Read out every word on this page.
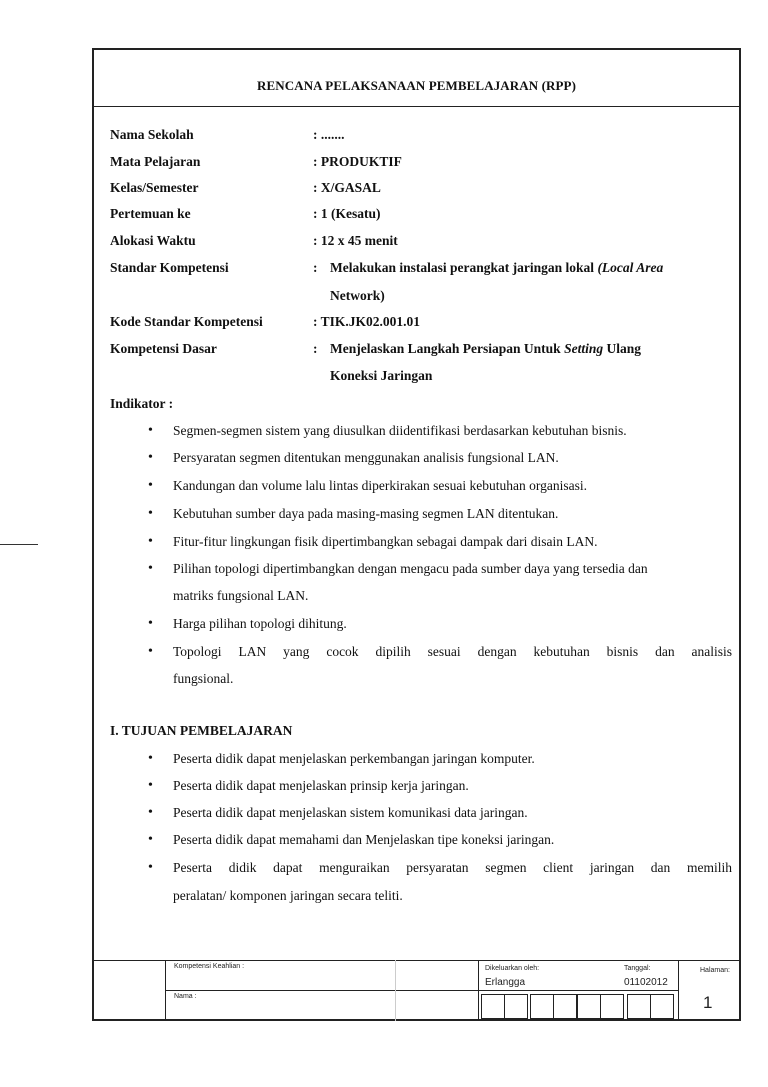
RENCANA PELAKSANAAN PEMBELAJARAN (RPP)
Nama Sekolah	: .......
Mata Pelajaran	: PRODUKTIF
Kelas/Semester	: X/GASAL
Pertemuan ke	: 1 (Kesatu)
Alokasi Waktu	: 12 x 45 menit
Standar Kompetensi	: Melakukan instalasi perangkat jaringan lokal (Local Area
Network)
Kode Standar Kompetensi	: TIK.JK02.001.01
Kompetensi Dasar	: Menjelaskan Langkah Persiapan Untuk Setting Ulang
Koneksi Jaringan
Indikator :
• Segmen-segmen sistem yang diusulkan diidentifikasi berdasarkan kebutuhan bisnis.
• Persyaratan segmen ditentukan menggunakan analisis fungsional LAN.
• Kandungan dan volume lalu lintas diperkirakan sesuai kebutuhan organisasi.
• Kebutuhan sumber daya pada masing-masing segmen LAN ditentukan.
• Fitur-fitur lingkungan fisik dipertimbangkan sebagai dampak dari disain LAN.
• Pilihan topologi dipertimbangkan dengan mengacu pada sumber daya yang tersedia dan
matriks fungsional LAN.
• Harga pilihan topologi dihitung.
• Topologi LAN yang cocok dipilih sesuai dengan kebutuhan bisnis dan analisis
fungsional.
I. TUJUAN PEMBELAJARAN
• Peserta didik dapat menjelaskan perkembangan jaringan komputer.
• Peserta didik dapat menjelaskan prinsip kerja jaringan.
• Peserta didik dapat menjelaskan sistem komunikasi data jaringan.
• Peserta didik dapat memahami dan Menjelaskan tipe koneksi jaringan.
• Peserta didik dapat menguraikan persyaratan segmen client jaringan dan memilih
peralatan/ komponen jaringan secara teliti.
Kompetensi Keahlian :
Nama :
Dikeluarkan oleh:
Erlangga
Tanggal:
01102012
Halaman:
1
